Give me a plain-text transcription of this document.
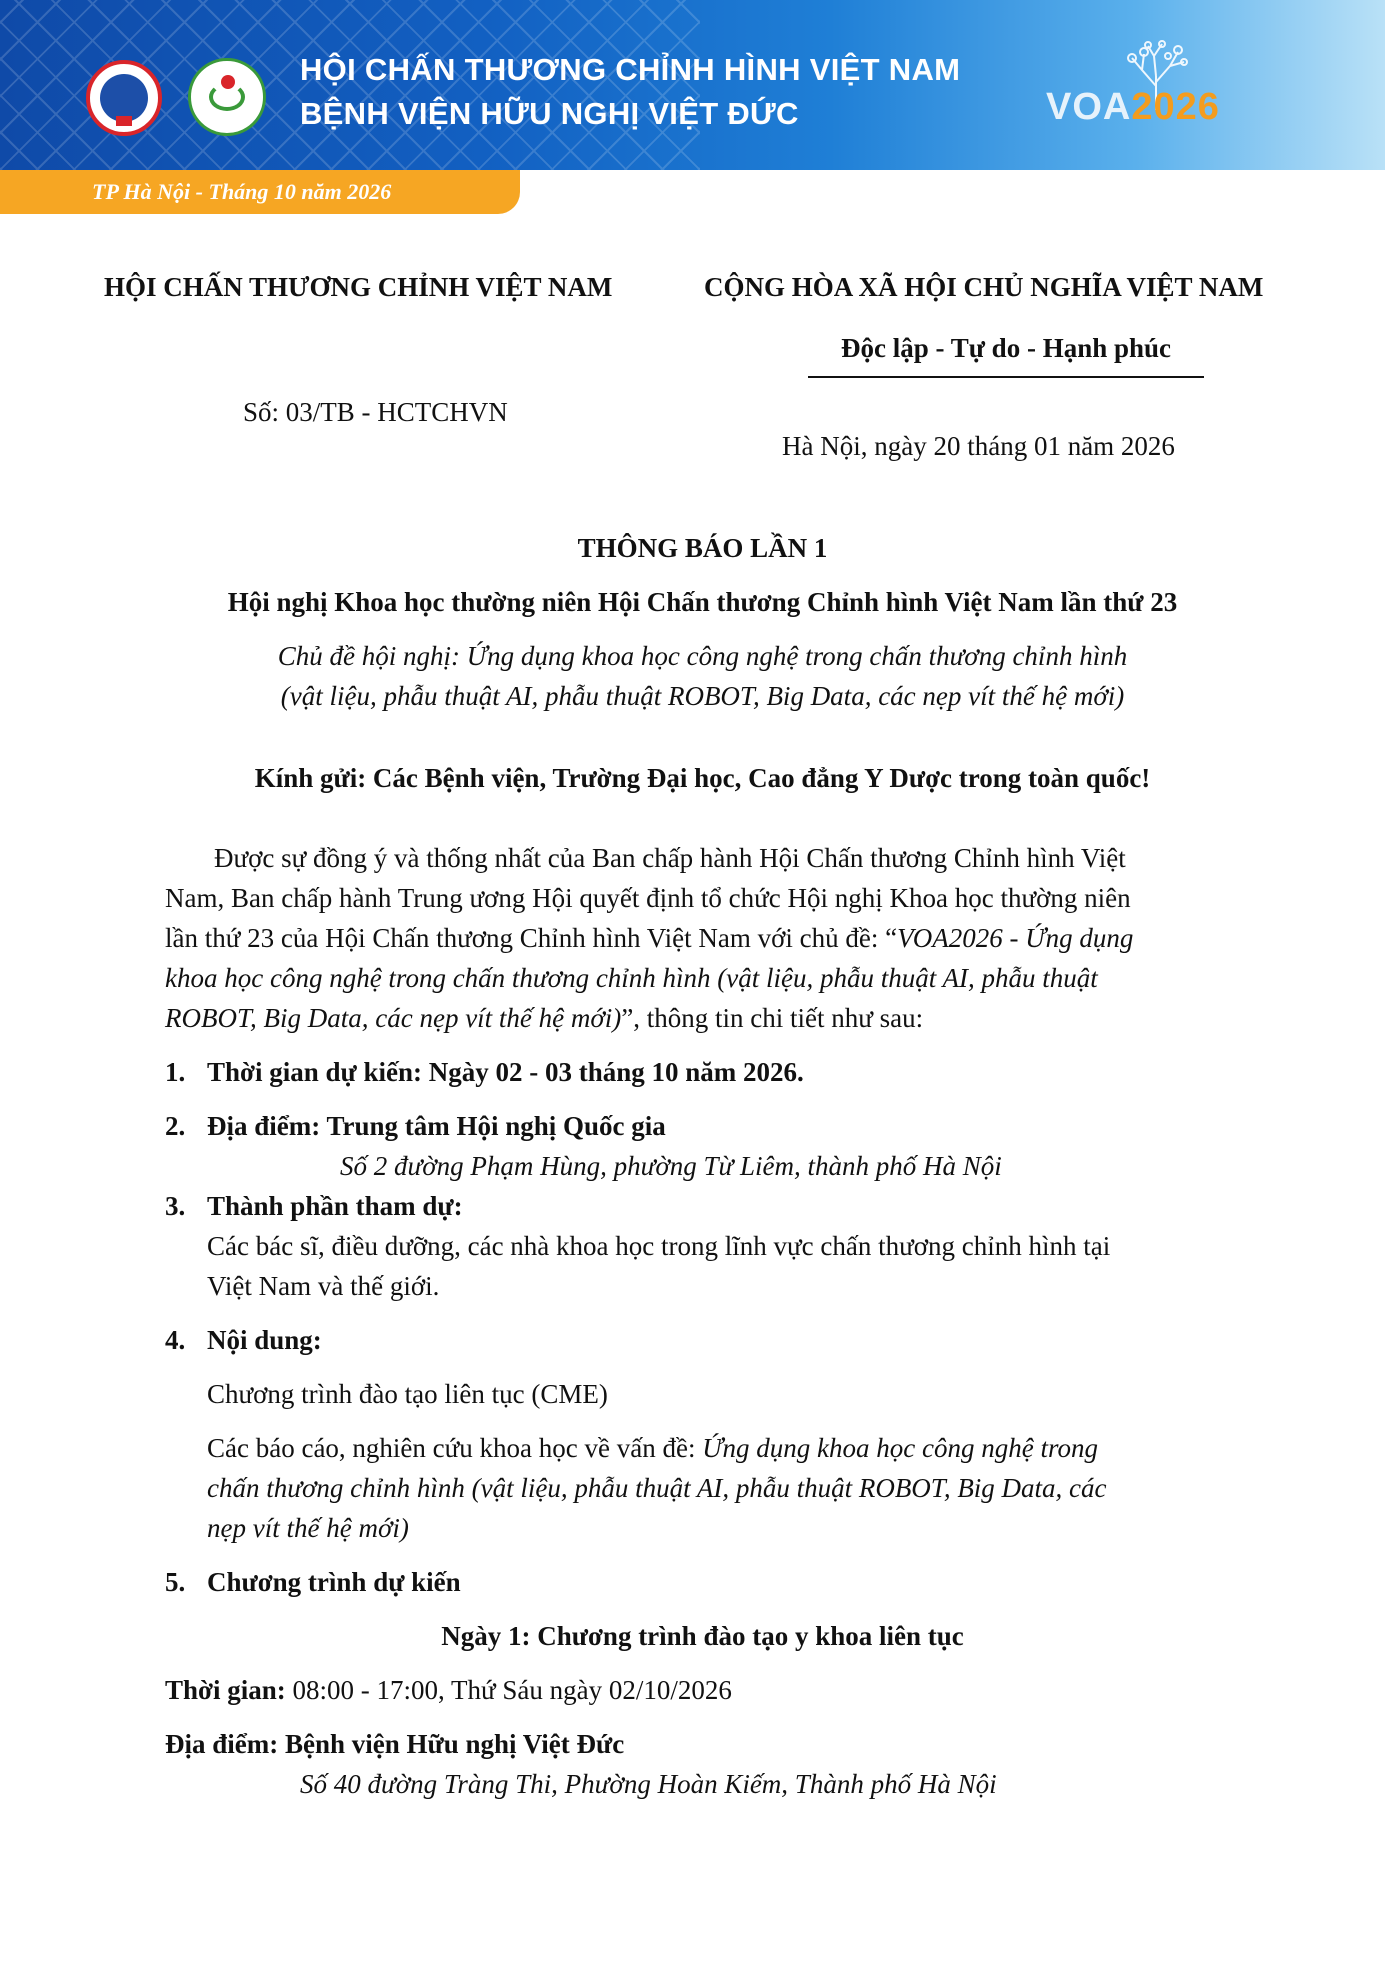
HỘI CHẤN THƯƠNG CHỈNH HÌNH VIỆT NAM
BỆNH VIỆN HỮU NGHỊ VIỆT ĐỨC	VOA2026
TP Hà Nội - Tháng 10 năm 2026
HỘI CHẤN THƯƠNG CHỈNH VIỆT NAM	CỘNG HÒA XÃ HỘI CHỦ NGHĨA VIỆT NAM
Độc lập - Tự do - Hạnh phúc
Số: 03/TB - HCTCHVN
Hà Nội, ngày 20 tháng 01 năm 2026
THÔNG BÁO LẦN 1
Hội nghị Khoa học thường niên Hội Chấn thương Chỉnh hình Việt Nam lần thứ 23
Chủ đề hội nghị: Ứng dụng khoa học công nghệ trong chấn thương chỉnh hình
(vật liệu, phẫu thuật AI, phẫu thuật ROBOT, Big Data, các nẹp vít thế hệ mới)
Kính gửi: Các Bệnh viện, Trường Đại học, Cao đẳng Y Dược trong toàn quốc!
Được sự đồng ý và thống nhất của Ban chấp hành Hội Chấn thương Chỉnh hình Việt
Nam, Ban chấp hành Trung ương Hội quyết định tổ chức Hội nghị Khoa học thường niên
lần thứ 23 của Hội Chấn thương Chỉnh hình Việt Nam với chủ đề: “VOA2026 - Ứng dụng
khoa học công nghệ trong chấn thương chỉnh hình (vật liệu, phẫu thuật AI, phẫu thuật
ROBOT, Big Data, các nẹp vít thế hệ mới)”, thông tin chi tiết như sau:
1. Thời gian dự kiến: Ngày 02 - 03 tháng 10 năm 2026.
2. Địa điểm: Trung tâm Hội nghị Quốc gia
Số 2 đường Phạm Hùng, phường Từ Liêm, thành phố Hà Nội
3. Thành phần tham dự:
Các bác sĩ, điều dưỡng, các nhà khoa học trong lĩnh vực chấn thương chỉnh hình tại
Việt Nam và thế giới.
4. Nội dung:
Chương trình đào tạo liên tục (CME)
Các báo cáo, nghiên cứu khoa học về vấn đề: Ứng dụng khoa học công nghệ trong
chấn thương chỉnh hình (vật liệu, phẫu thuật AI, phẫu thuật ROBOT, Big Data, các
nẹp vít thế hệ mới)
5. Chương trình dự kiến
Ngày 1: Chương trình đào tạo y khoa liên tục
Thời gian: 08:00 - 17:00, Thứ Sáu ngày 02/10/2026
Địa điểm: Bệnh viện Hữu nghị Việt Đức
Số 40 đường Tràng Thi, Phường Hoàn Kiếm, Thành phố Hà Nội
